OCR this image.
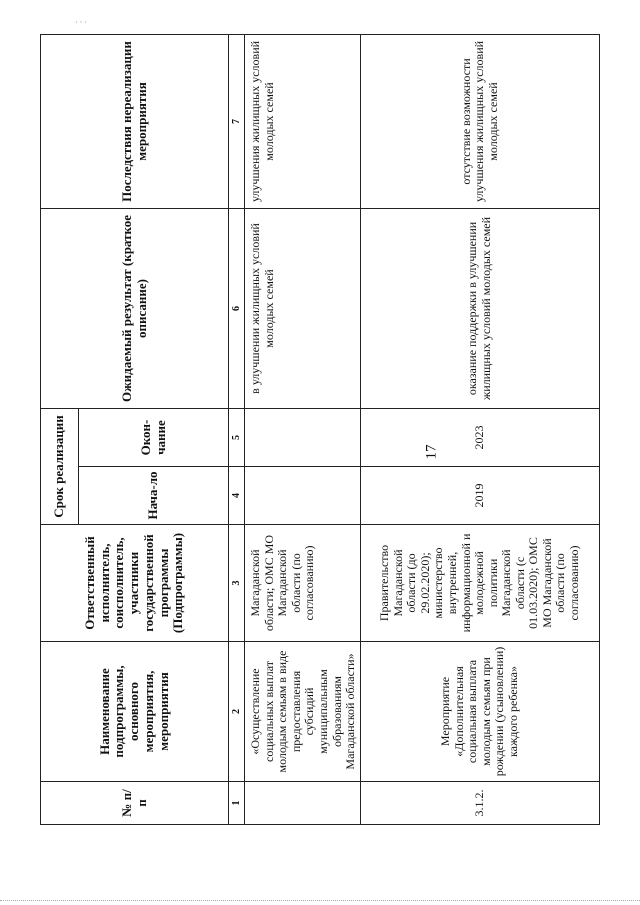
· · ·
17
№ п/п	Наименование подпрограммы, основного мероприятия, мероприятия	Ответственный исполнитель, соисполнитель, участники государственной программы (Подпрограммы)	Срок реализации		Ожидаемый результат (краткое описание)	Последствия нереализации мероприятия
			Нача-ло	Окон-чание		
1	2	3	4	5	6	7
	«Осуществление социальных выплат молодым семьям в виде предоставления субсидий муниципальным образованиям Магаданской области»	Магаданской области; ОМС МО Магаданской области (по согласованию)			в улучшении жилищных условий молодых семей	улучшения жилищных условий молодых семей
3.1.2.	Мероприятие «Дополнительная социальная выплата молодым семьям при рождении (усыновлении) каждого ребенка»	Правительство Магаданской области (до 29.02.2020); министерство внутренней, информационной и молодежной политики Магаданской области (с 01.03.2020); ОМС МО Магаданской области (по согласованию)	2019	2023	оказание поддержки в улучшении жилищных условий молодых семей	отсутствие возможности улучшения жилищных условий молодых семей
